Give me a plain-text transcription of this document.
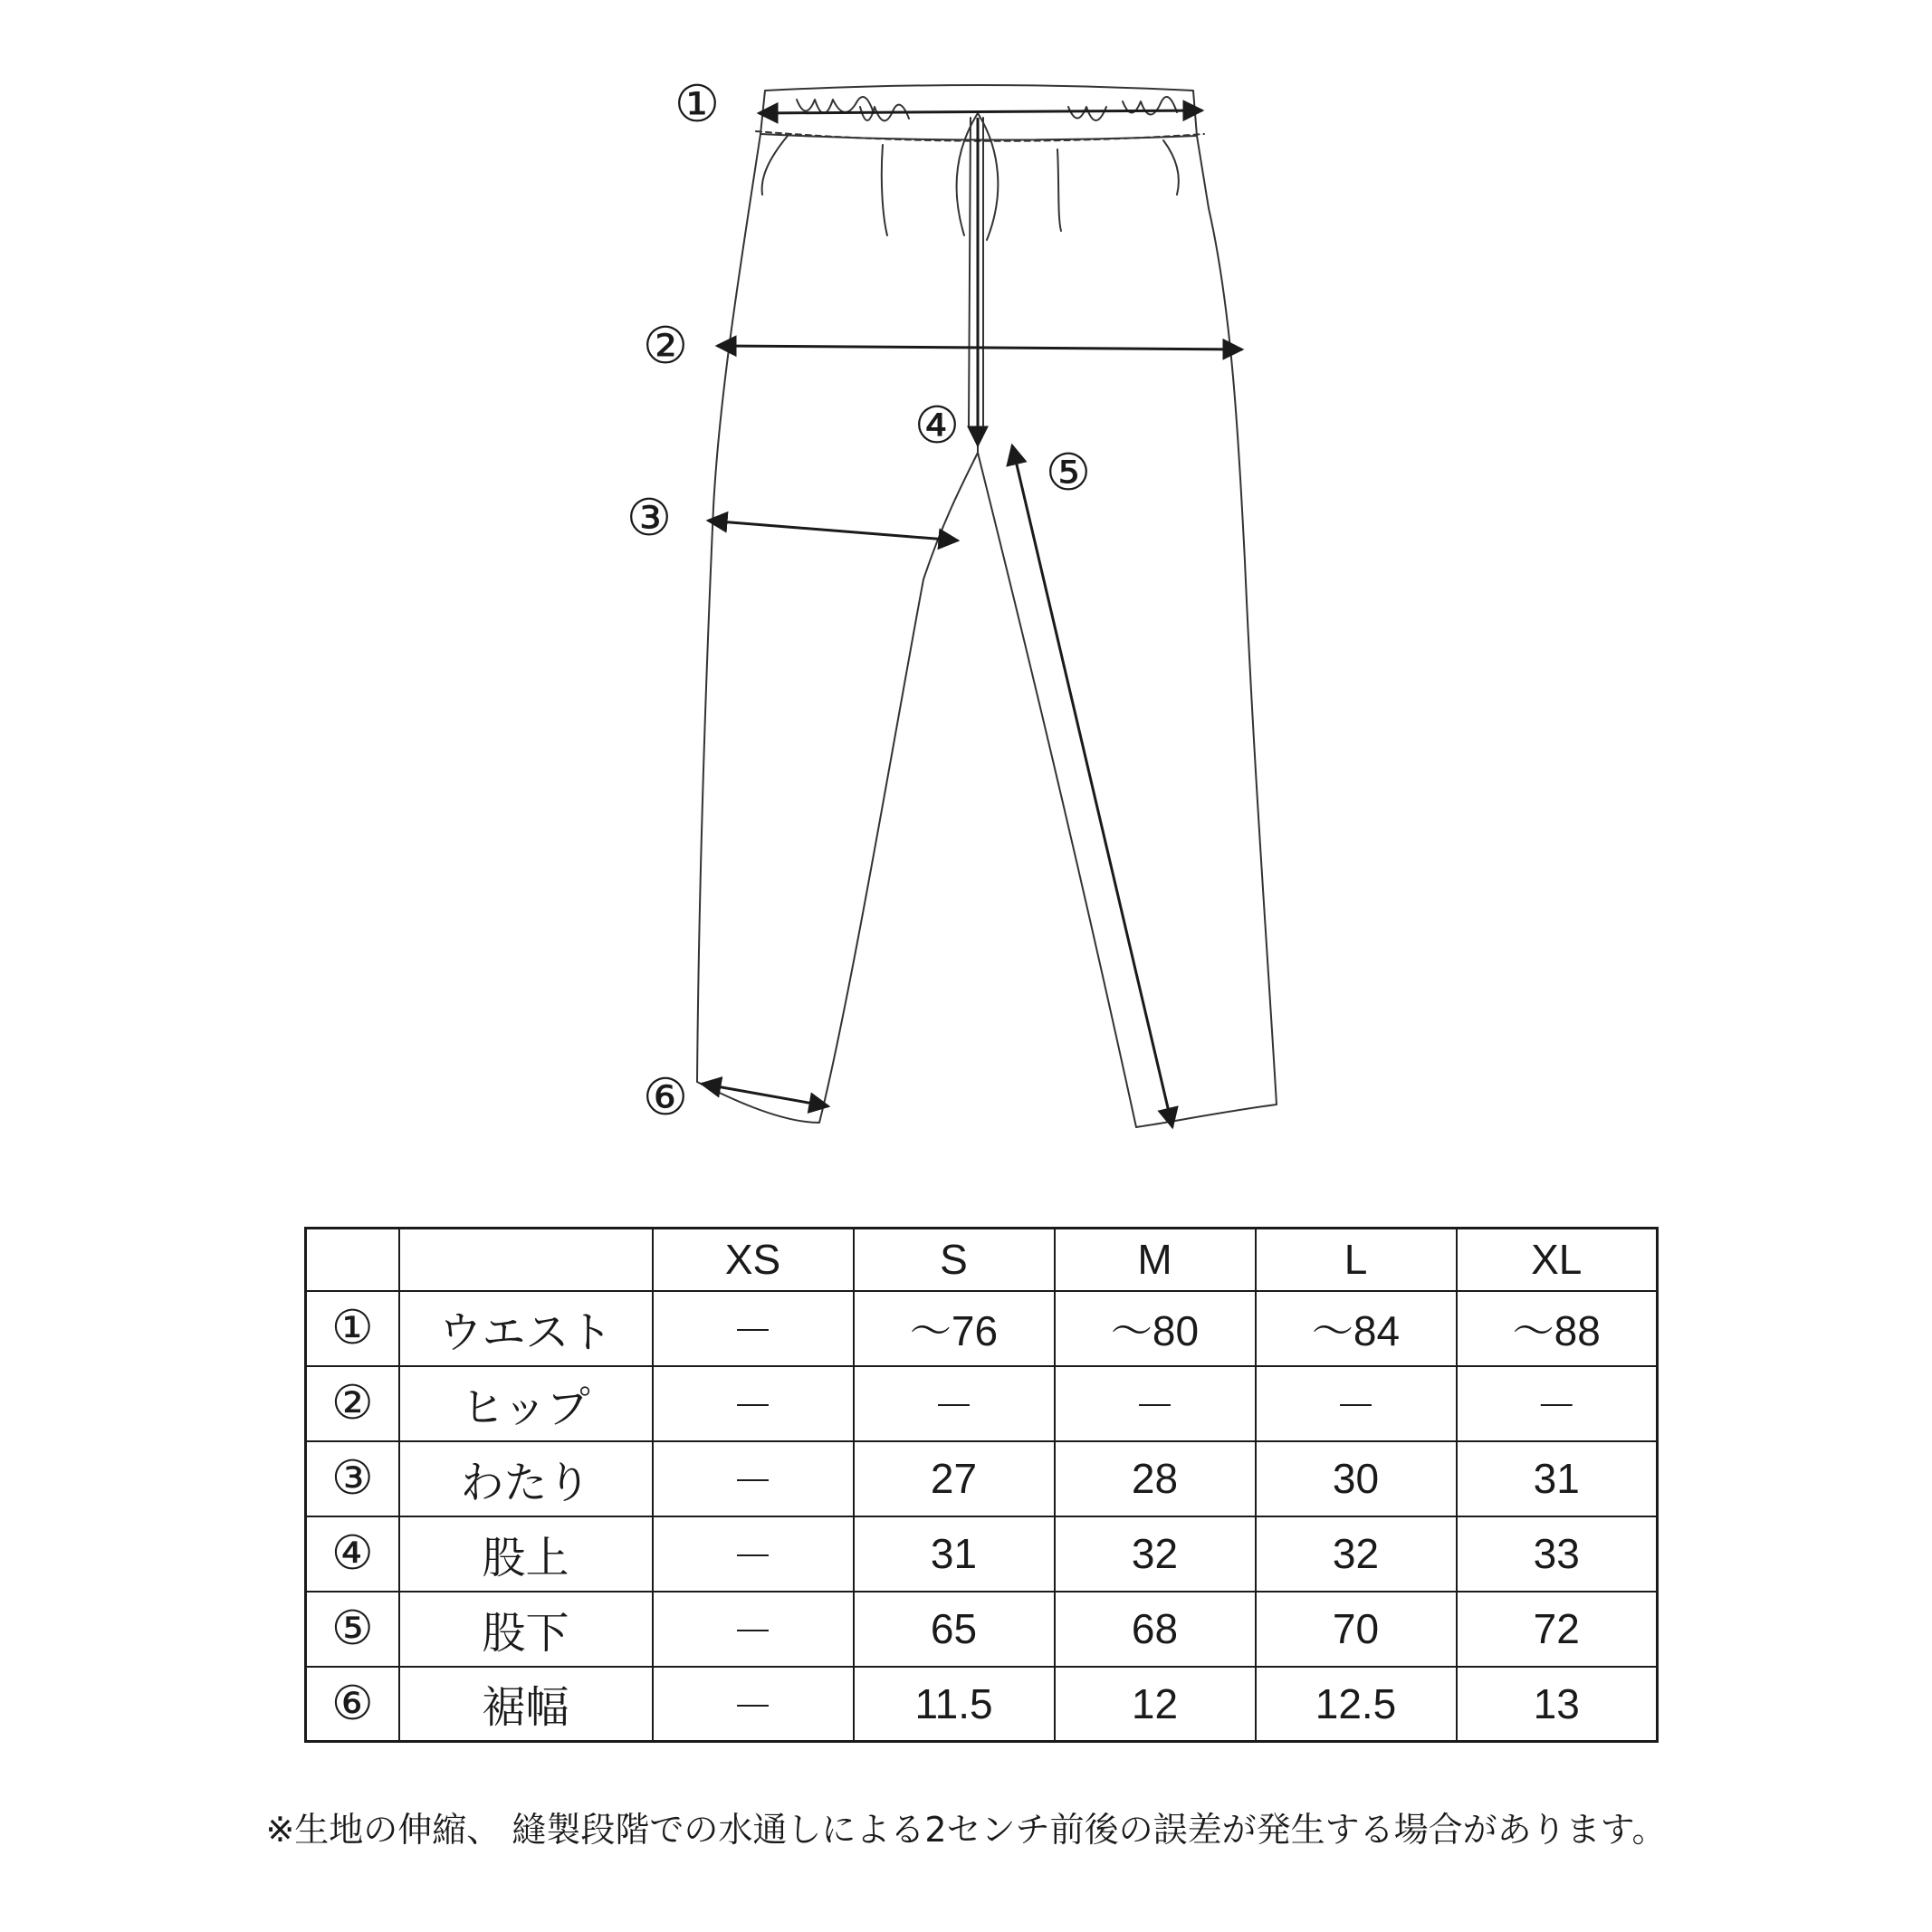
①
②
③
④
⑤
⑥
		XS	S	M	L	XL
①	ウエスト	－	～76	～80	～84	～88
②	ヒップ	－	－	－	－	－
③	わたり	－	27	28	30	31
④	股上	－	31	32	32	33
⑤	股下	－	65	68	70	72
⑥	裾幅	－	11.5	12	12.5	13
※生地の伸縮、 縫製段階での水通しによる2センチ前後の誤差が発生する場合があります。
